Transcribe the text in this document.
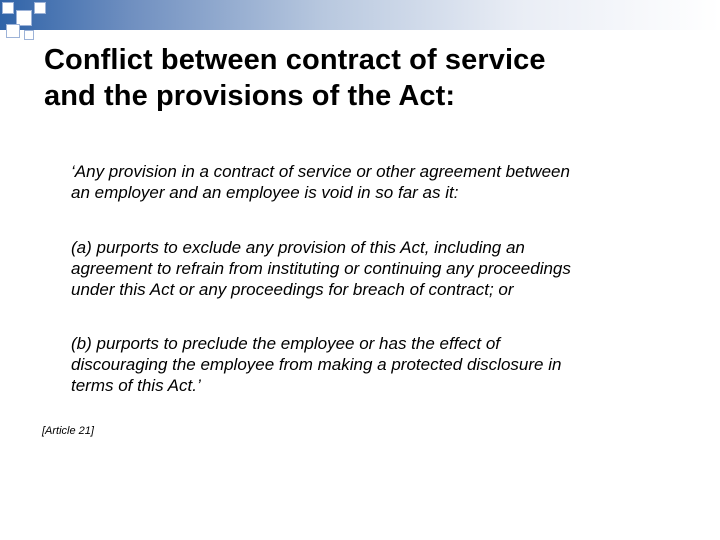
Conflict between contract of service
and the provisions of the Act:

‘Any provision in a contract of service or other agreement between
an employer and an employee is void in so far as it:

(a) purports to exclude any provision of this Act, including an
agreement to refrain from instituting or continuing any proceedings
under this Act or any proceedings for breach of contract; or

(b) purports to preclude the employee or has the effect of
discouraging the employee from making a protected disclosure in
terms of this Act.’

[Article 21]
